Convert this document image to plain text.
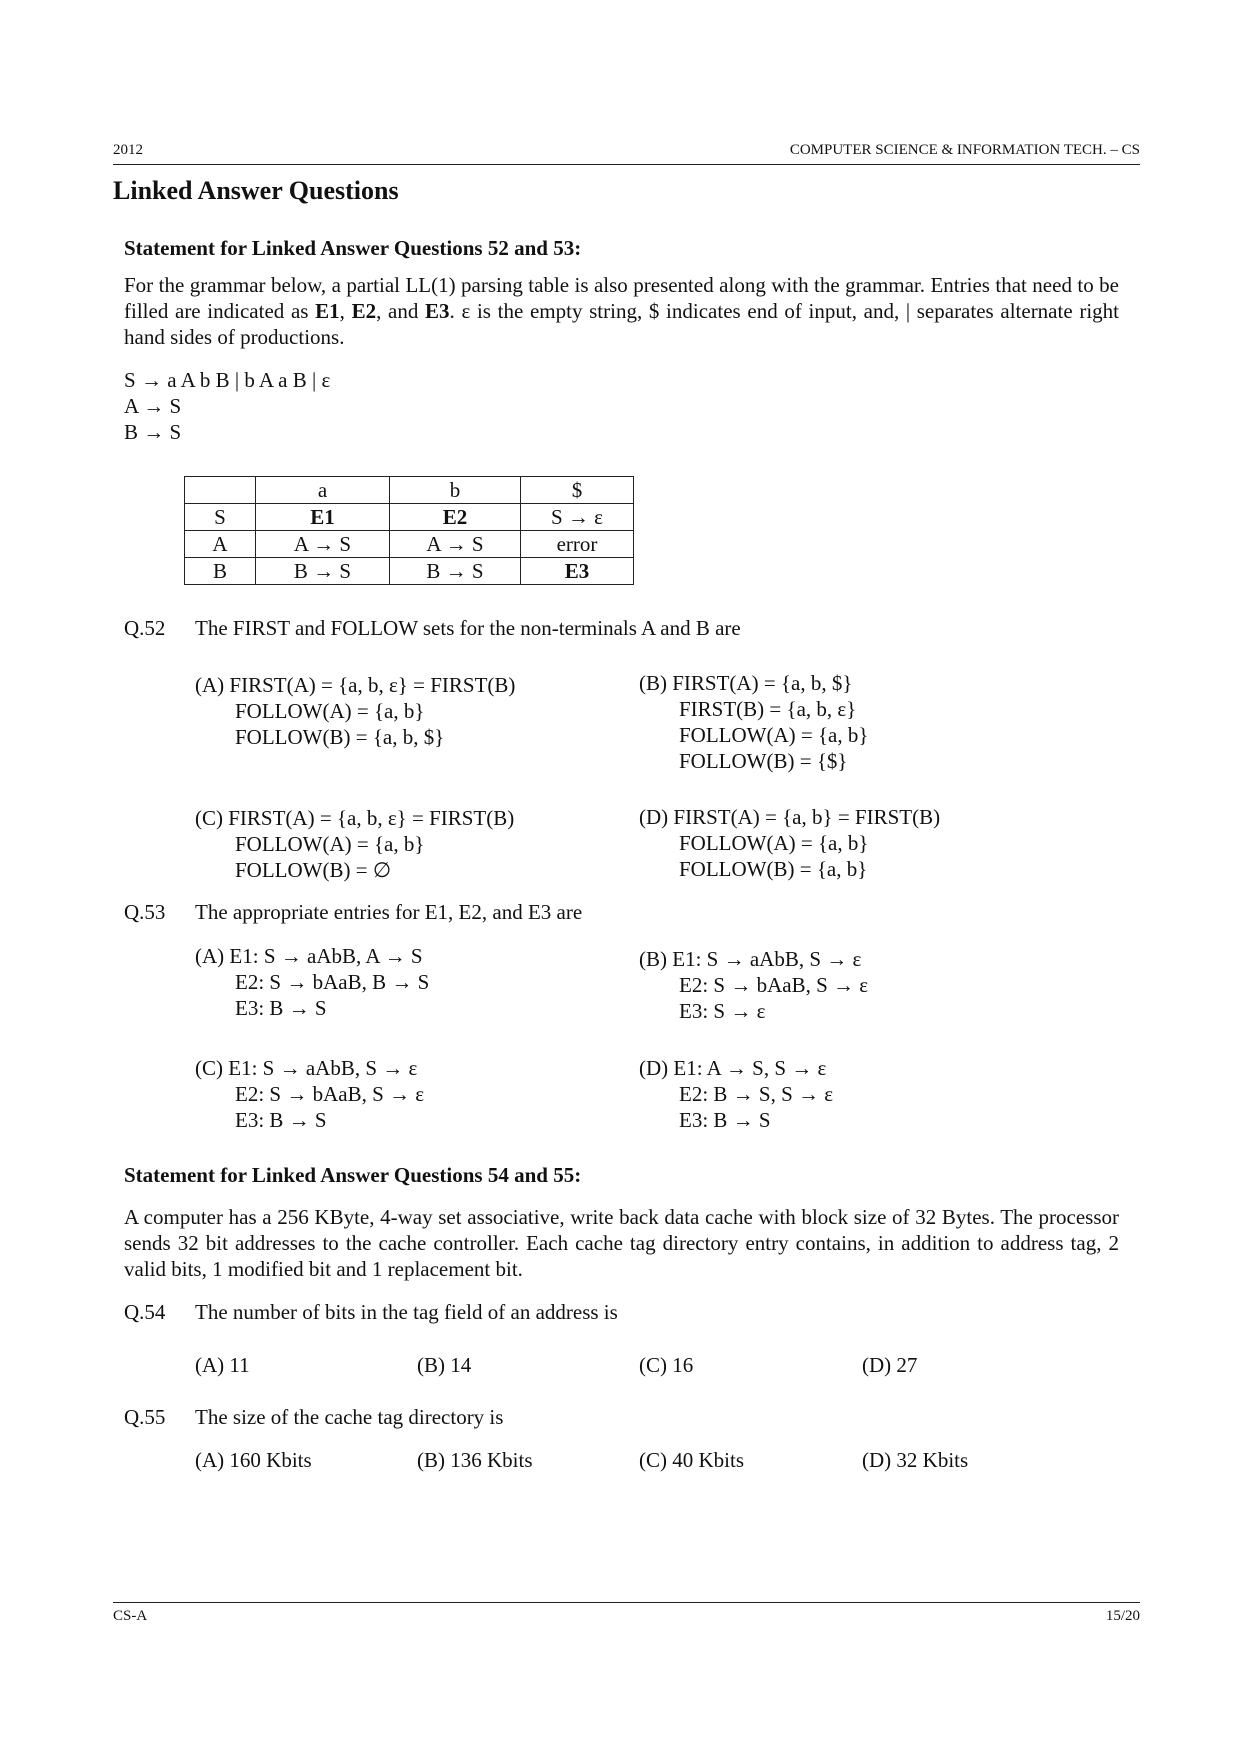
2012	COMPUTER SCIENCE & INFORMATION TECH. – CS
Linked Answer Questions
Statement for Linked Answer Questions 52 and 53:
For the grammar below, a partial LL(1) parsing table is also presented along with the grammar. Entries that need to be filled are indicated as E1, E2, and E3. ε is the empty string, $ indicates end of input, and, | separates alternate right hand sides of productions.
S → a A b B | b A a B | ε
A → S
B → S
	a	b	$
S	E1	E2	S → ε
A	A → S	A → S	error
B	B → S	B → S	E3
Q.52 The FIRST and FOLLOW sets for the non-terminals A and B are
(A) FIRST(A) = {a, b, ε} = FIRST(B)
FOLLOW(A) = {a, b}
FOLLOW(B) = {a, b, $}
(B) FIRST(A) = {a, b, $}
FIRST(B) = {a, b, ε}
FOLLOW(A) = {a, b}
FOLLOW(B) = {$}
(C) FIRST(A) = {a, b, ε} = FIRST(B)
FOLLOW(A) = {a, b}
FOLLOW(B) = ∅
(D) FIRST(A) = {a, b} = FIRST(B)
FOLLOW(A) = {a, b}
FOLLOW(B) = {a, b}
Q.53 The appropriate entries for E1, E2, and E3 are
(A) E1: S → aAbB, A → S
E2: S → bAaB, B → S
E3: B → S
(B) E1: S → aAbB, S → ε
E2: S → bAaB, S → ε
E3: S → ε
(C) E1: S → aAbB, S → ε
E2: S → bAaB, S → ε
E3: B → S
(D) E1: A → S, S → ε
E2: B → S, S → ε
E3: B → S
Statement for Linked Answer Questions 54 and 55:
A computer has a 256 KByte, 4-way set associative, write back data cache with block size of 32 Bytes. The processor sends 32 bit addresses to the cache controller. Each cache tag directory entry contains, in addition to address tag, 2 valid bits, 1 modified bit and 1 replacement bit.
Q.54 The number of bits in the tag field of an address is
(A) 11	(B) 14	(C) 16	(D) 27
Q.55 The size of the cache tag directory is
(A) 160 Kbits	(B) 136 Kbits	(C) 40 Kbits	(D) 32 Kbits
CS-A	15/20
